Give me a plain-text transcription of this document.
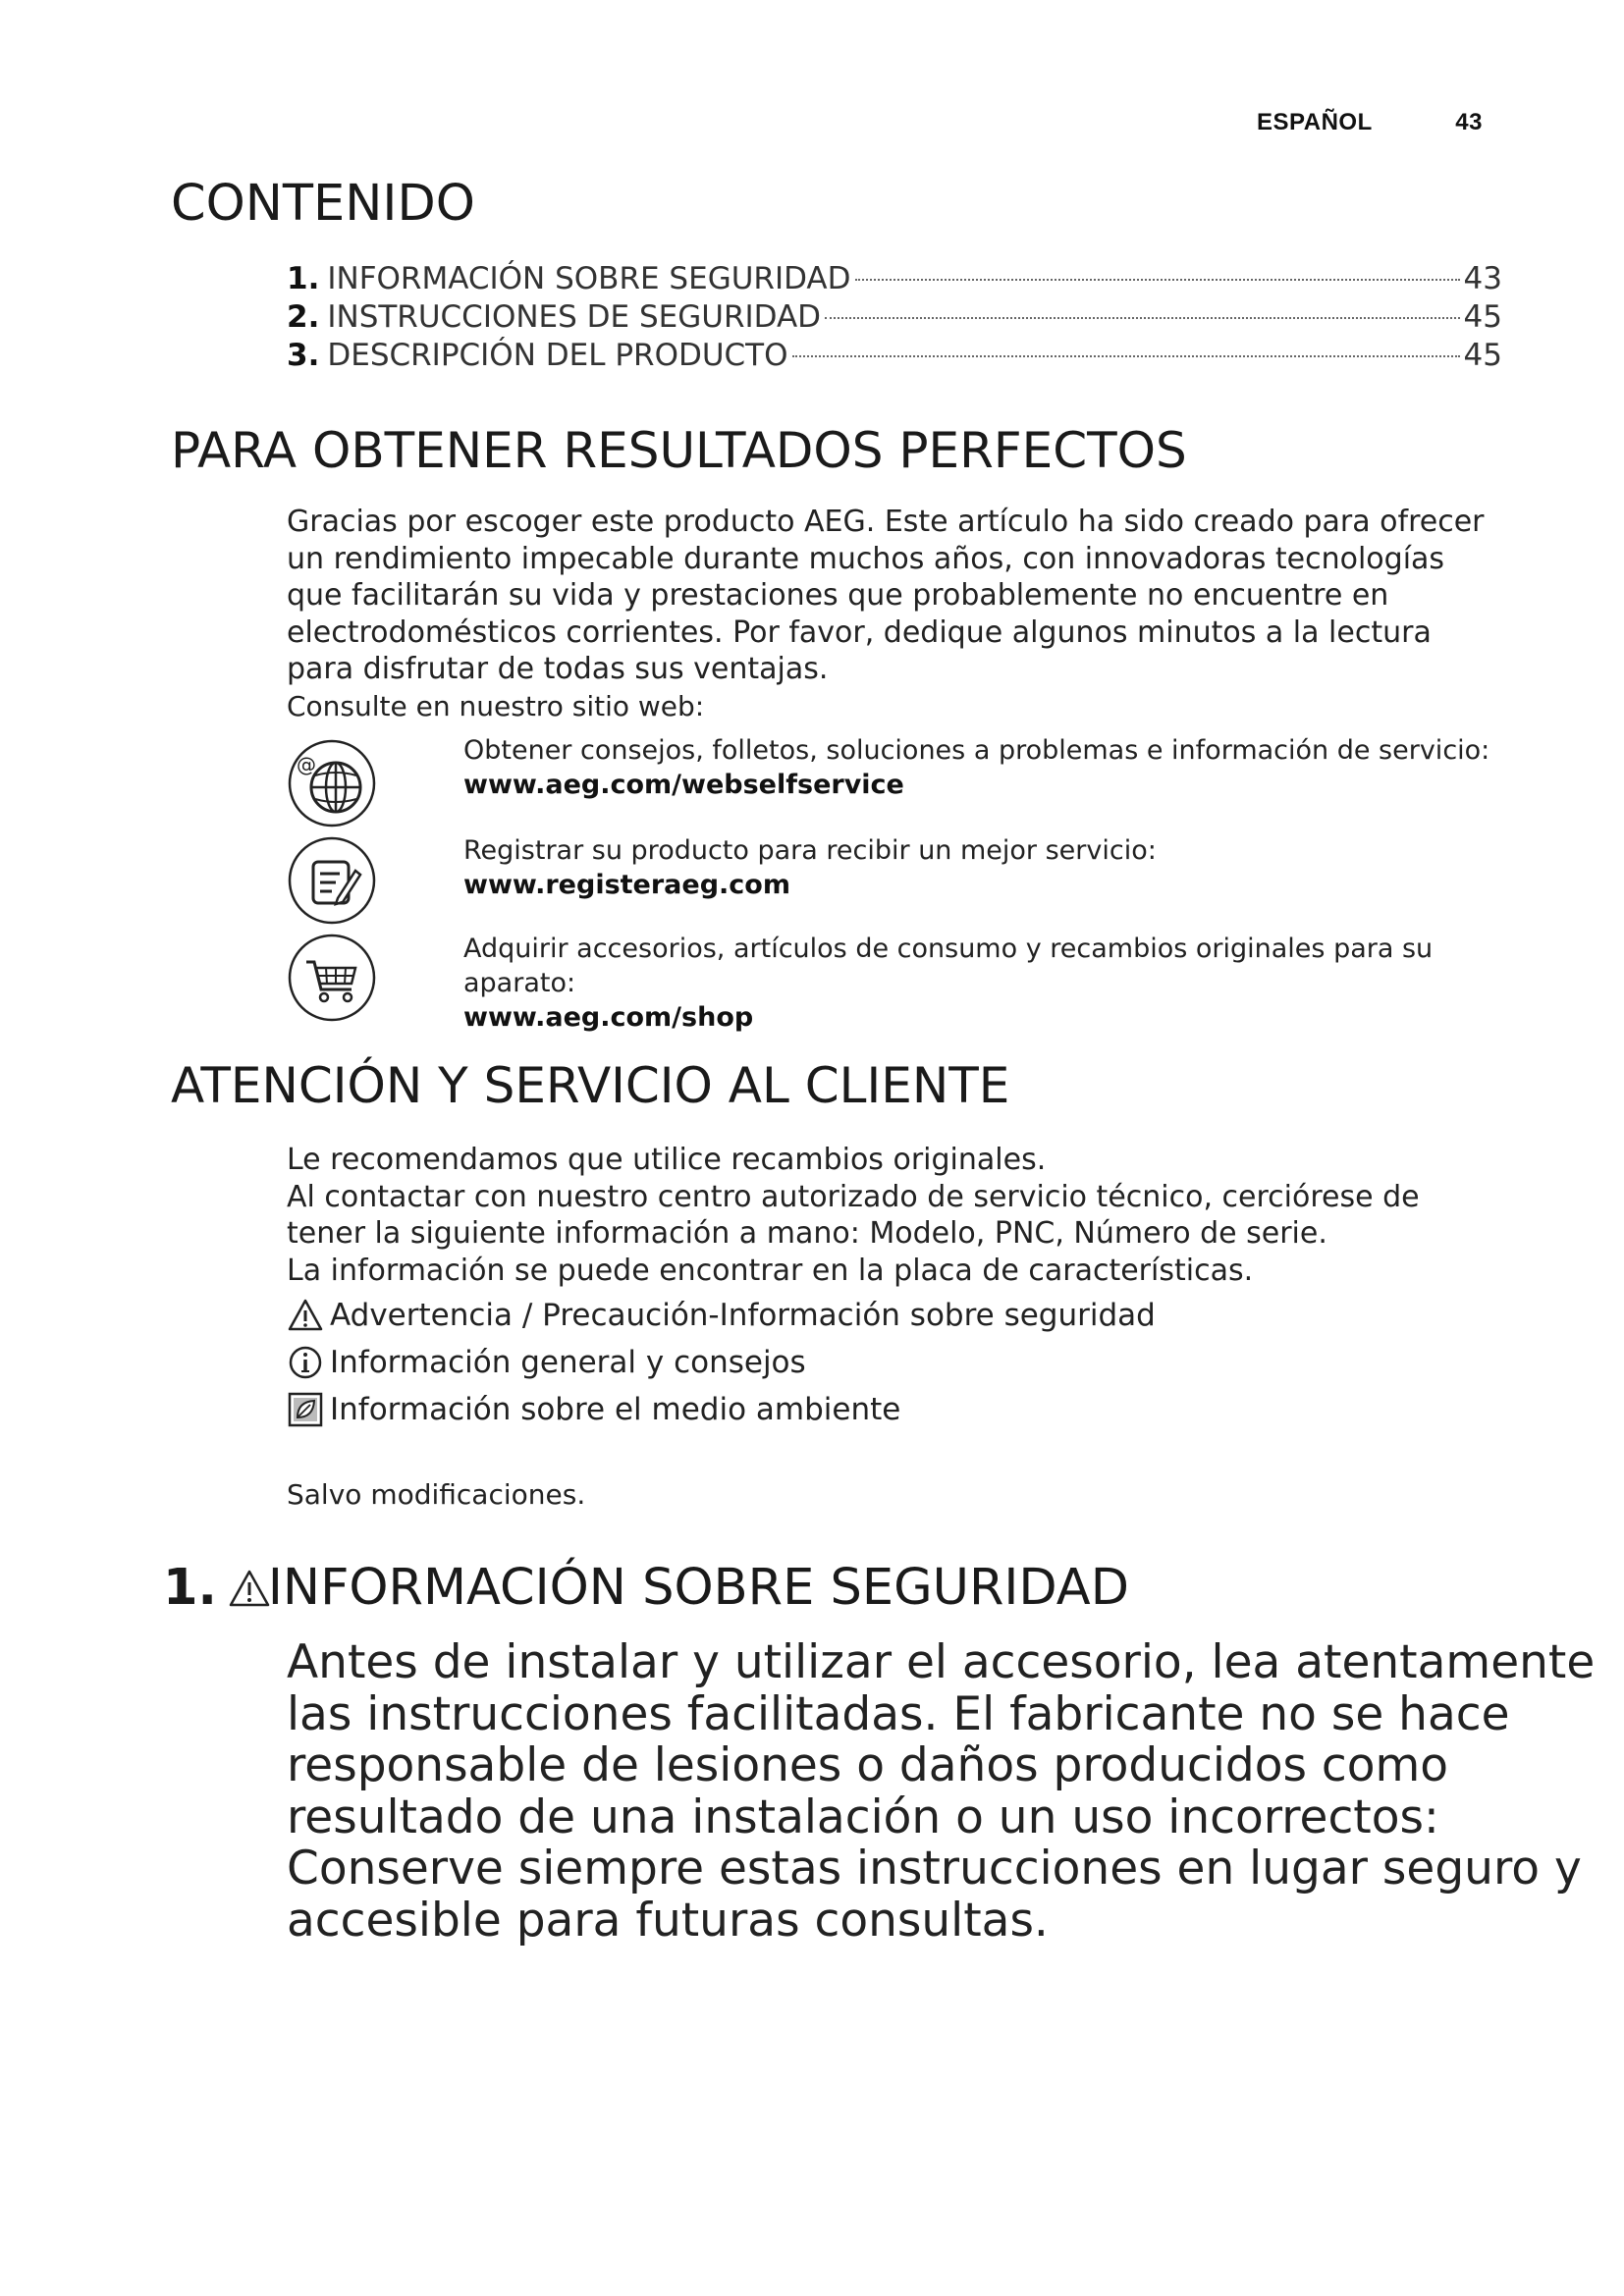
ESPAÑOL	43
CONTENIDO
1. INFORMACIÓN SOBRE SEGURIDAD	43
2. INSTRUCCIONES DE SEGURIDAD	45
3. DESCRIPCIÓN DEL PRODUCTO	45
PARA OBTENER RESULTADOS PERFECTOS
Gracias por escoger este producto AEG. Este artículo ha sido creado para ofrecer
un rendimiento impecable durante muchos años, con innovadoras tecnologías
que facilitarán su vida y prestaciones que probablemente no encuentre en
electrodomésticos corrientes. Por favor, dedique algunos minutos a la lectura
para disfrutar de todas sus ventajas.
Consulte en nuestro sitio web:
@	Obtener consejos, folletos, soluciones a problemas e información de servicio:
www.aeg.com/webselfservice
Registrar su producto para recibir un mejor servicio:
www.registeraeg.com
Adquirir accesorios, artículos de consumo y recambios originales para su
aparato:
www.aeg.com/shop
ATENCIÓN Y SERVICIO AL CLIENTE
Le recomendamos que utilice recambios originales.
Al contactar con nuestro centro autorizado de servicio técnico, cerciórese de
tener la siguiente información a mano: Modelo, PNC, Número de serie.
La información se puede encontrar en la placa de características.
Advertencia / Precaución-Información sobre seguridad
Información general y consejos
Información sobre el medio ambiente
Salvo modificaciones.
1. INFORMACIÓN SOBRE SEGURIDAD
Antes de instalar y utilizar el accesorio, lea atentamente
las instrucciones facilitadas. El fabricante no se hace
responsable de lesiones o daños producidos como
resultado de una instalación o un uso incorrectos:
Conserve siempre estas instrucciones en lugar seguro y
accesible para futuras consultas.
